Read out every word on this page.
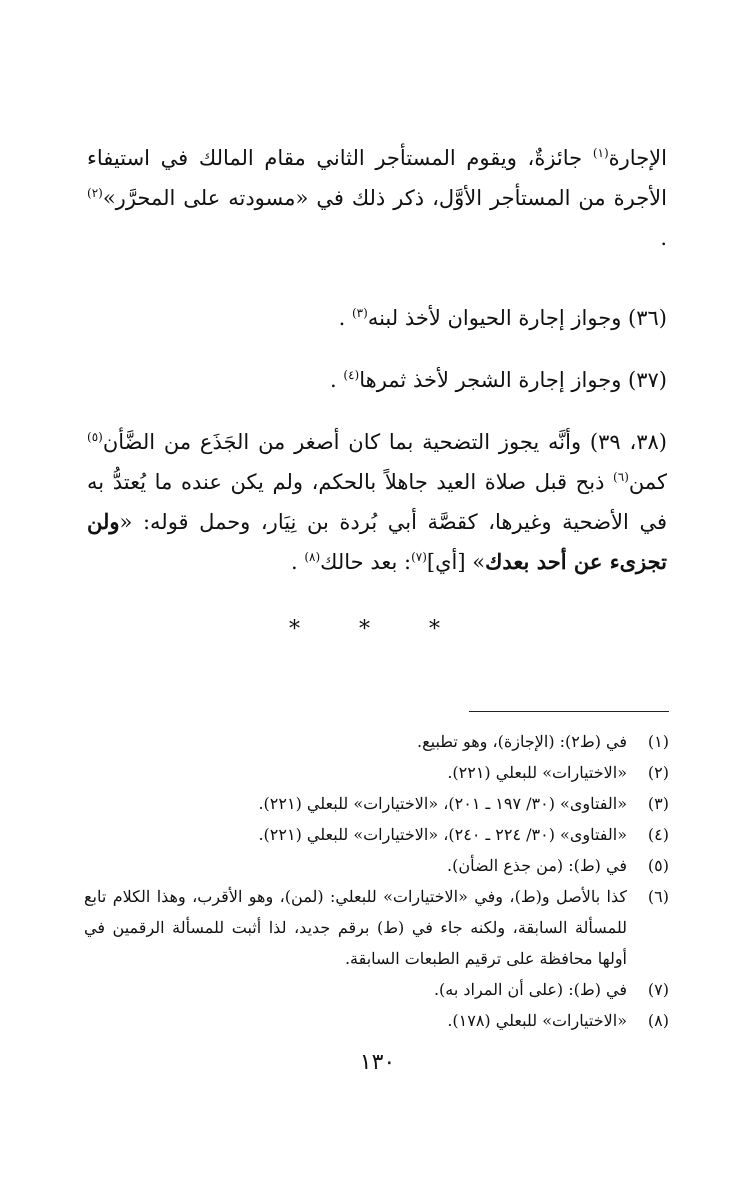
الإجارة$^{(١)}$ جائزةٌ، ويقوم المستأجر الثاني مقام المالك في استيفاء الأجرة من المستأجر الأوَّل، ذكر ذلك في «مسودته على المحرَّر»$^{(٢)}$ .

(٣٦) وجواز إجارة الحيوان لأخذ لبنه$^{(٣)}$ .

(٣٧) وجواز إجارة الشجر لأخذ ثمرها$^{(٤)}$ .

(٣٨، ٣٩) وأنَّه يجوز التضحية بما كان أصغر من الجَذَع من الضَّأن$^{(٥)}$ كمن$^{(٦)}$ ذبح قبل صلاة العيد جاهلاً بالحكم، ولم يكن عنده ما يُعتدُّ به في الأضحية وغيرها، كقصَّة أبي بُردة بن نِيَار، وحمل قوله: «ولن تجزىء عن أحد بعدك» [أي]$^{(٧)}$: بعد حالك$^{(٨)}$ .

* * *
(١)
في (ط٢): (الإجازة)، وهو تطبيع.
(٢)
«الاختيارات» للبعلي (٢٢١).
(٣)
«الفتاوى» (٣٠/ ١٩٧ ـ ٢٠١)، «الاختيارات» للبعلي (٢٢١).
(٤)
«الفتاوى» (٣٠/ ٢٢٤ ـ ٢٤٠)، «الاختيارات» للبعلي (٢٢١).
(٥)
في (ط): (من جذع الضأن).
(٦)
كذا بالأصل و(ط)، وفي «الاختيارات» للبعلي: (لمن)، وهو الأقرب، وهذا الكلام تابع للمسألة السابقة، ولكنه جاء في (ط) برقم جديد، لذا أثبت للمسألة الرقمين في أولها محافظة على ترقيم الطبعات السابقة.
(٧)
في (ط): (على أن المراد به).
(٨)
«الاختيارات» للبعلي (١٧٨).
١٣٠
